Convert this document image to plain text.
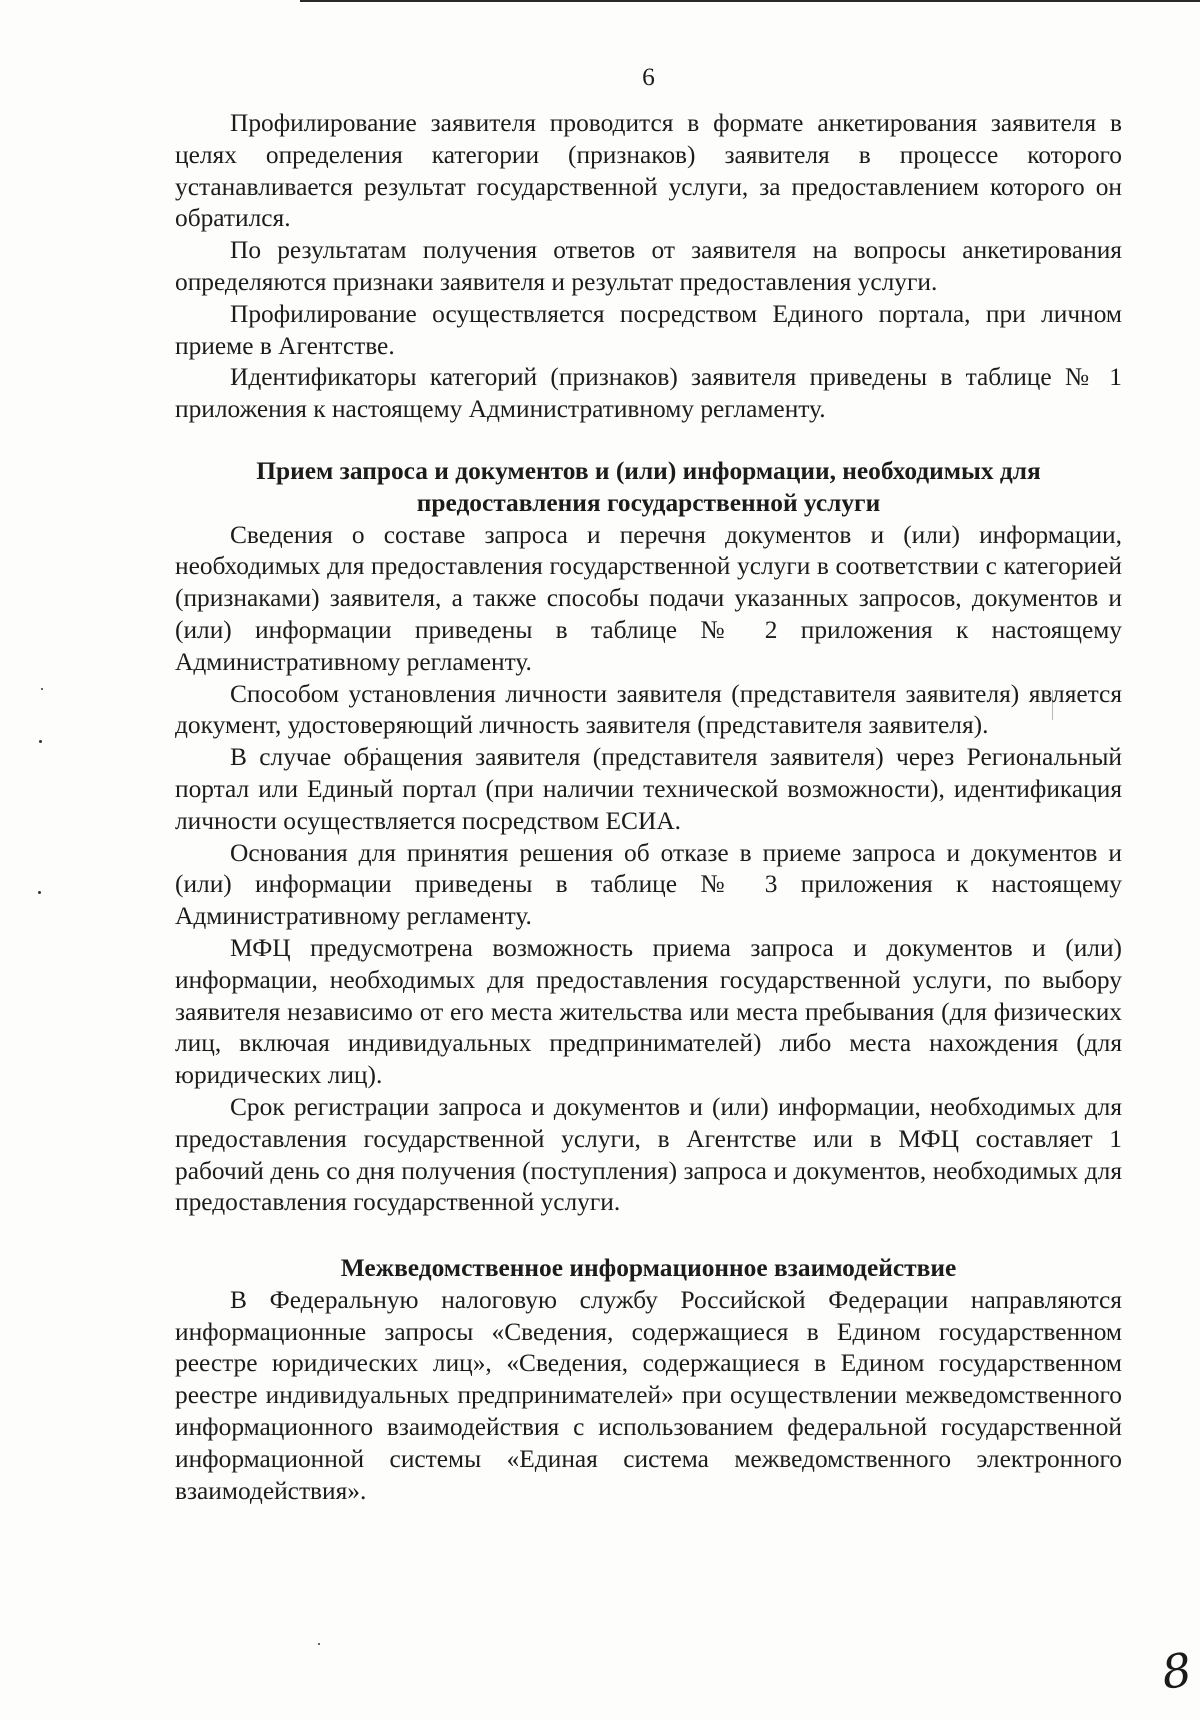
6

Профилирование заявителя проводится в формате анкетирования заявителя в целях определения категории (признаков) заявителя в процессе которого устанавливается результат государственной услуги, за предоставлением которого он обратился.

По результатам получения ответов от заявителя на вопросы анкетирования определяются признаки заявителя и результат предоставления услуги.

Профилирование осуществляется посредством Единого портала, при личном приеме в Агентстве.

Идентификаторы категорий (признаков) заявителя приведены в таблице № 1 приложения к настоящему Административному регламенту.

Прием запроса и документов и (или) информации, необходимых для

предоставления государственной услуги

Сведения о составе запроса и перечня документов и (или) информации, необходимых для предоставления государственной услуги в соответствии с категорией (признаками) заявителя, а также способы подачи указанных запросов, документов и (или) информации приведены в таблице № 2 приложения к настоящему Административному регламенту.

Способом установления личности заявителя (представителя заявителя) является документ, удостоверяющий личность заявителя (представителя заявителя).

В случае обращения заявителя (представителя заявителя) через Региональный портал или Единый портал (при наличии технической возможности), идентификация личности осуществляется посредством ЕСИА.

Основания для принятия решения об отказе в приеме запроса и документов и (или) информации приведены в таблице № 3 приложения к настоящему Административному регламенту.

МФЦ предусмотрена возможность приема запроса и документов и (или) информации, необходимых для предоставления государственной услуги, по выбору заявителя независимо от его места жительства или места пребывания (для физических лиц, включая индивидуальных предпринимателей) либо места нахождения (для юридических лиц).

Срок регистрации запроса и документов и (или) информации, необходимых для предоставления государственной услуги, в Агентстве или в МФЦ составляет 1 рабочий день со дня получения (поступления) запроса и документов, необходимых для предоставления государственной услуги.

Межведомственное информационное взаимодействие

В Федеральную налоговую службу Российской Федерации направляются информационные запросы «Сведения, содержащиеся в Едином государственном реестре юридических лиц», «Сведения, содержащиеся в Едином государственном реестре индивидуальных предпринимателей» при осуществлении межведомственного информационного взаимодействия с использованием федеральной государственной информационной системы «Единая система межведомственного электронного взаимодействия».

8
